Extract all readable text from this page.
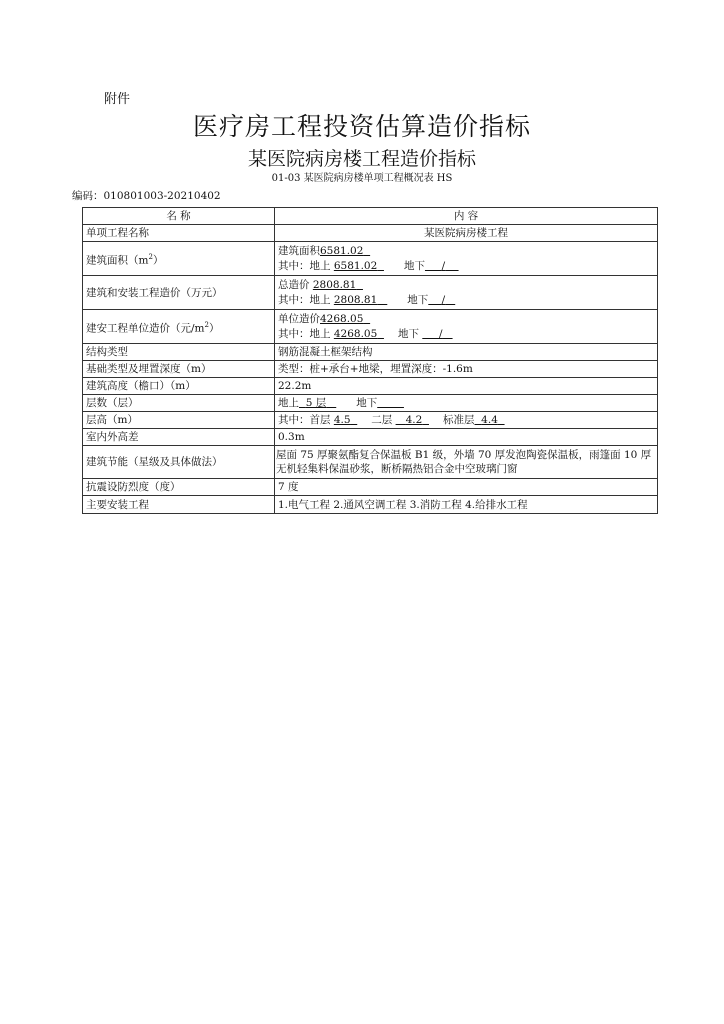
附件
医疗房工程投资估算造价指标
某医院病房楼工程造价指标
01-03 某医院病房楼单项工程概况表 HS
编码：010801003-20210402
名 称	内 容
单项工程名称	某医院病房楼工程
建筑面积$(m^2)$	建筑面积6581.02
其中：地上 6581.02 地下 /

建筑和安装工程造价（万元）	总造价 2808.81
其中：地上 2808.81 地下 /

建安工程单位造价（元$/m^2$）	单位造价4268.05
其中：地上 4268.05 地下 /

结构类型	钢筋混凝土框架结构
基础类型及埋置深度（m）	类型：桩+承台+地梁，埋置深度：-1.6m
建筑高度（檐口）（m）	22.2m
层数（层）	地上 5 层 地下
层高（m）	其中：首层 4.5 二层 4.2 标准层 4.4
室内外高差	0.3m
建筑节能（星级及具体做法）	屋面 75 厚聚氨酯复合保温板 B1 级，外墙 70 厚发泡陶瓷保温板，雨篷面 10 厚无机轻集料保温砂浆，断桥隔热铝合金中空玻璃门窗
抗震设防烈度（度）	7 度
主要安装工程	1.电气工程 2.通风空调工程 3.消防工程 4.给排水工程
